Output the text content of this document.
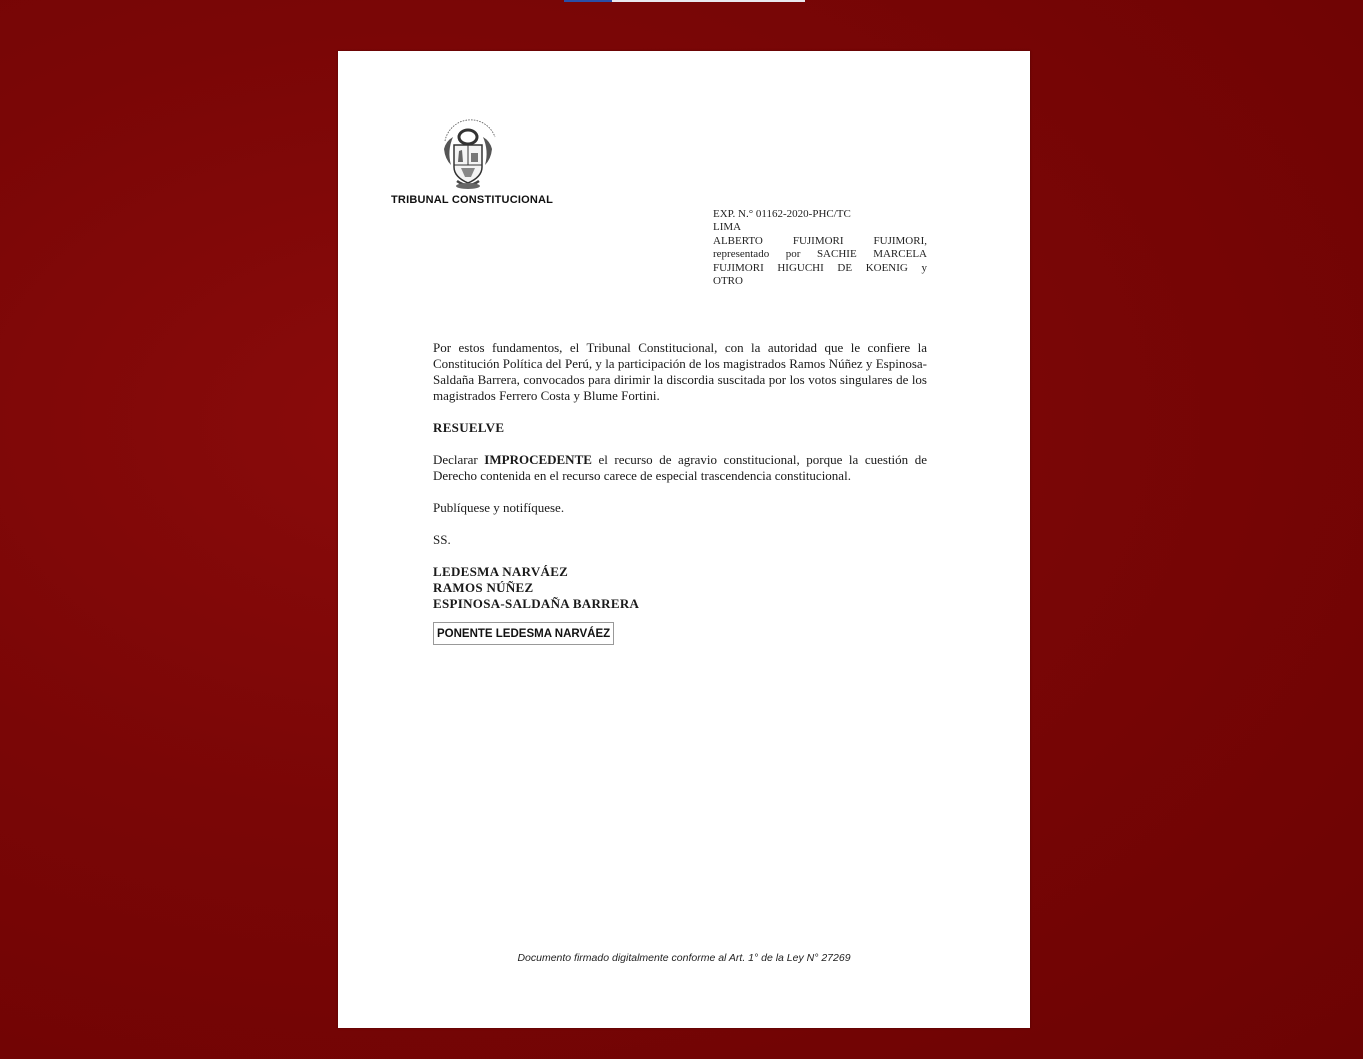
TRIBUNAL CONSTITUCIONAL
EXP. N.° 01162-2020-PHC/TC
LIMA
ALBERTO	FUJIMORI	FUJIMORI,
representado por SACHIE MARCELA
FUJIMORI HIGUCHI DE KOENIG y
OTRO

Por estos fundamentos, el Tribunal Constitucional, con la autoridad que le confiere la Constitución Política del Perú, y la participación de los magistrados Ramos Núñez y Espinosa-Saldaña Barrera, convocados para dirimir la discordia suscitada por los votos singulares de los magistrados Ferrero Costa y Blume Fortini.

RESUELVE

Declarar IMPROCEDENTE el recurso de agravio constitucional, porque la cuestión de Derecho contenida en el recurso carece de especial trascendencia constitucional.

Publíquese y notifíquese.

SS.

LEDESMA NARVÁEZ
RAMOS NÚÑEZ
ESPINOSA-SALDAÑA BARRERA
PONENTE LEDESMA NARVÁEZ
Documento firmado digitalmente conforme al Art. 1° de la Ley N° 27269
